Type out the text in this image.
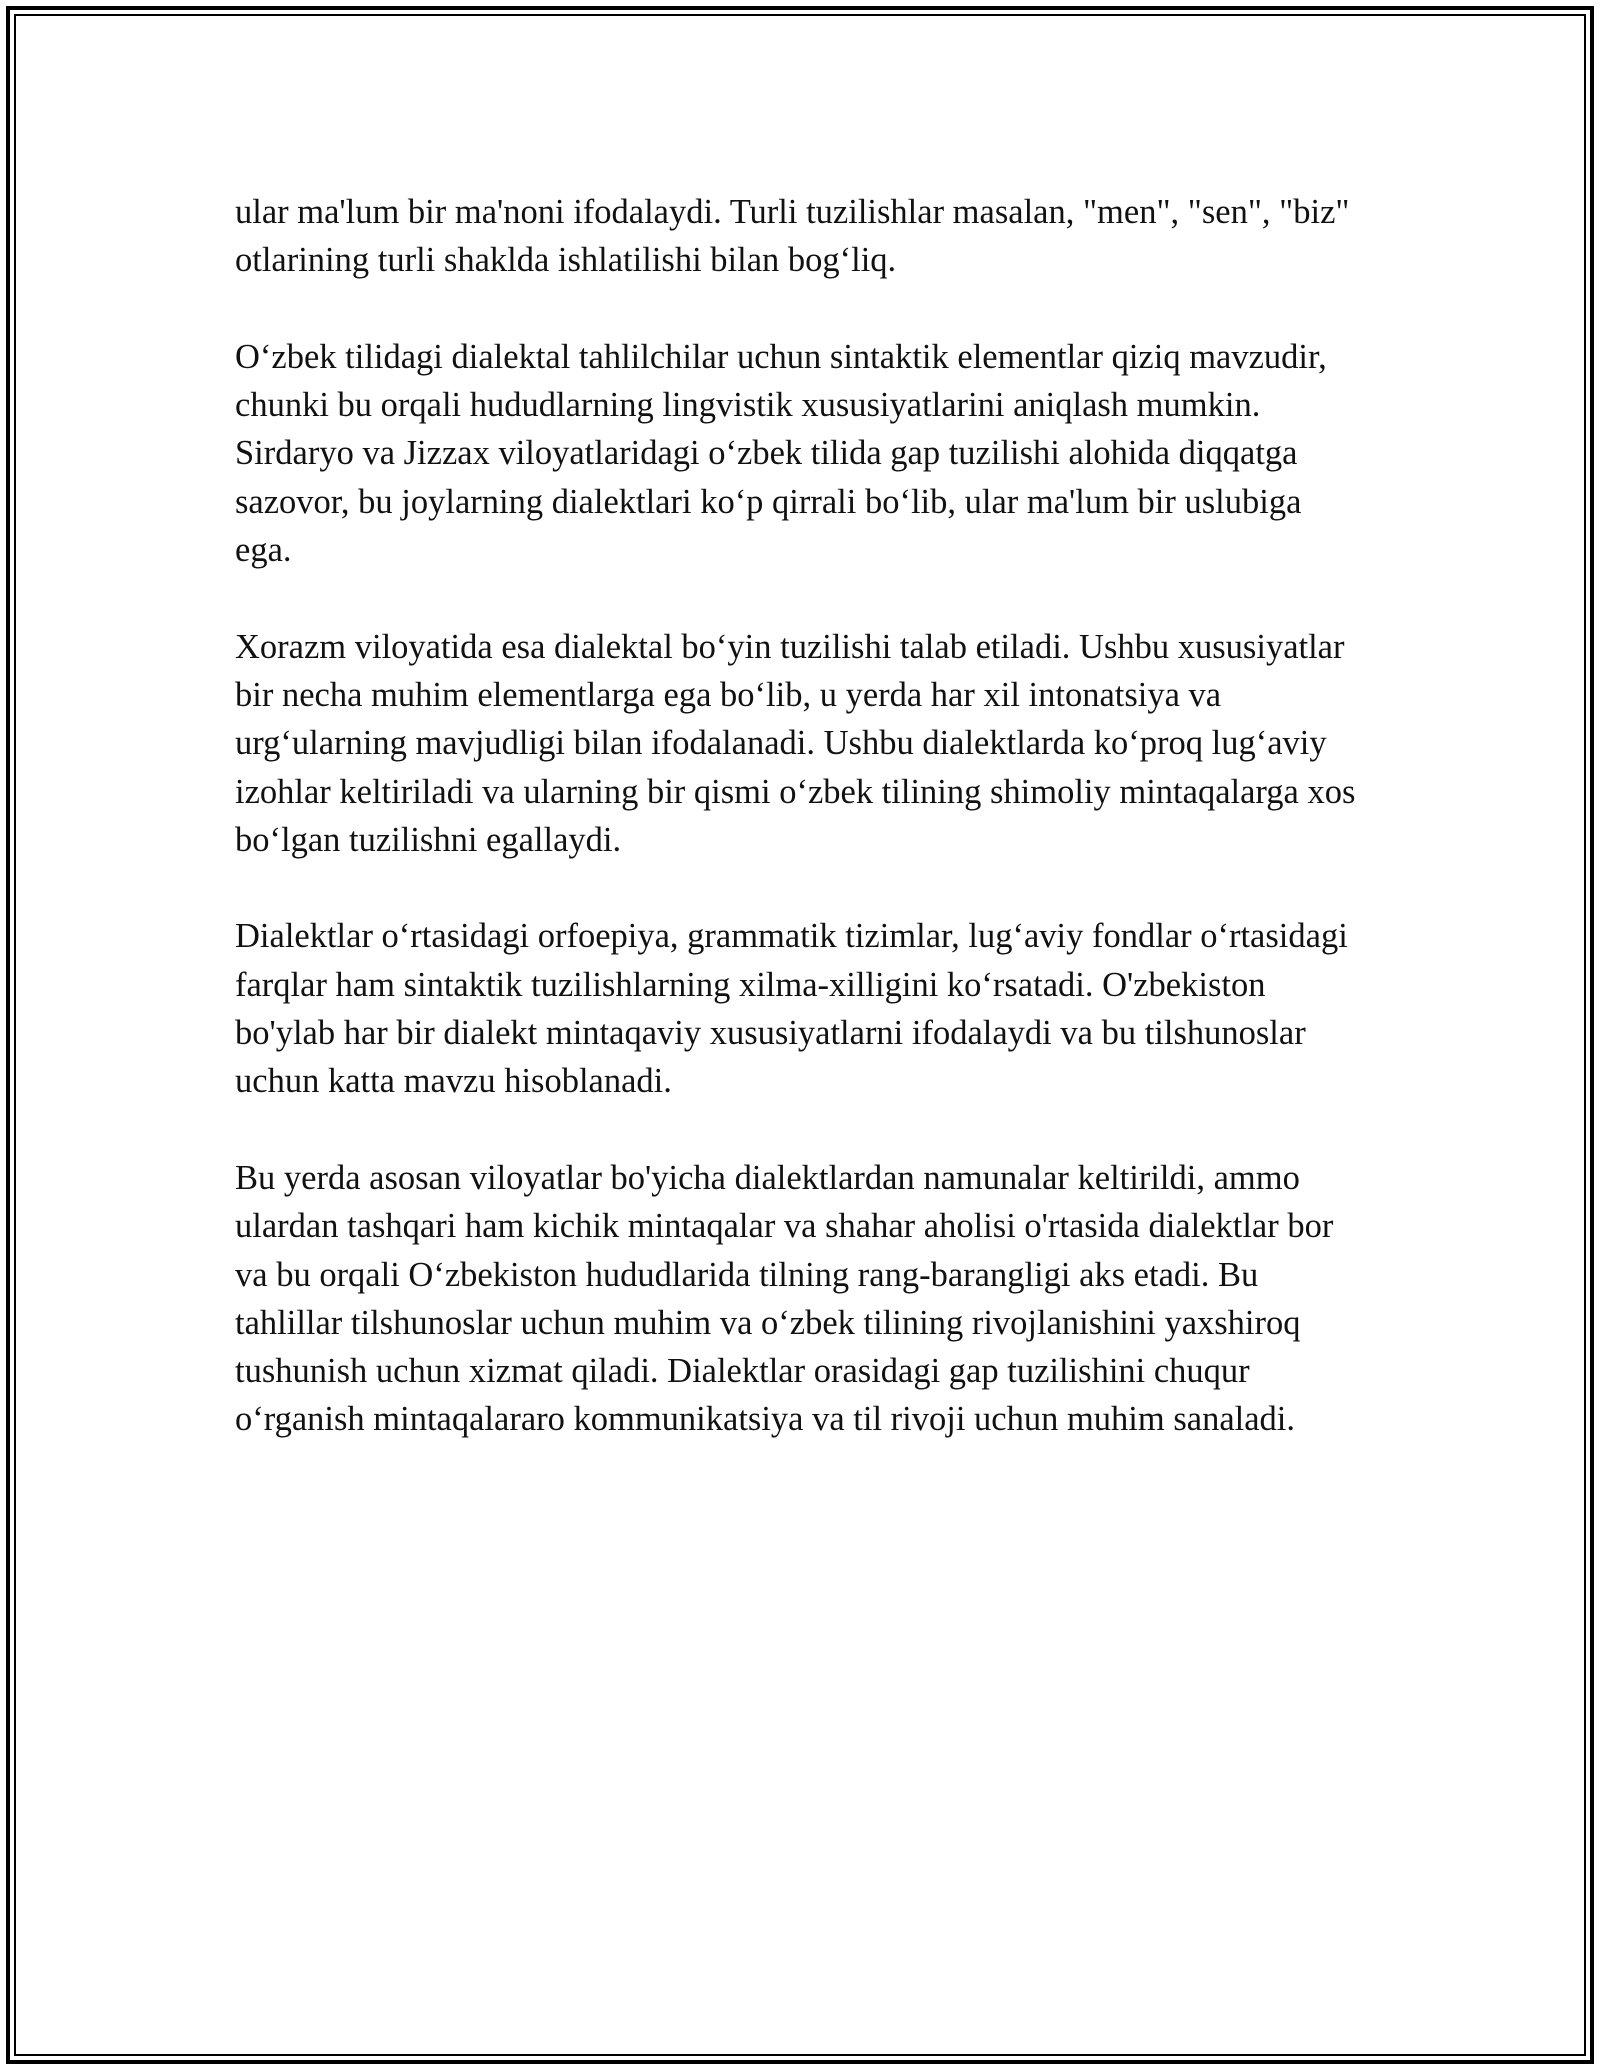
ular ma'lum bir ma'noni ifodalaydi. Turli tuzilishlar masalan, "men", "sen", "biz" otlarining turli shaklda ishlatilishi bilan bog‘liq.

O‘zbek tilidagi dialektal tahlilchilar uchun sintaktik elementlar qiziq mavzudir, chunki bu orqali hududlarning lingvistik xususiyatlarini aniqlash mumkin. Sirdaryo va Jizzax viloyatlaridagi o‘zbek tilida gap tuzilishi alohida diqqatga sazovor, bu joylarning dialektlari ko‘p qirrali bo‘lib, ular ma'lum bir uslubiga ega.

Xorazm viloyatida esa dialektal bo‘yin tuzilishi talab etiladi. Ushbu xususiyatlar bir necha muhim elementlarga ega bo‘lib, u yerda har xil intonatsiya va urg‘ularning mavjudligi bilan ifodalanadi. Ushbu dialektlarda ko‘proq lug‘aviy izohlar keltiriladi va ularning bir qismi o‘zbek tilining shimoliy mintaqalarga xos bo‘lgan tuzilishni egallaydi.

Dialektlar o‘rtasidagi orfoepiya, grammatik tizimlar, lug‘aviy fondlar o‘rtasidagi farqlar ham sintaktik tuzilishlarning xilma-xilligini ko‘rsatadi. O'zbekiston bo'ylab har bir dialekt mintaqaviy xususiyatlarni ifodalaydi va bu tilshunoslar uchun katta mavzu hisoblanadi.

Bu yerda asosan viloyatlar bo'yicha dialektlardan namunalar keltirildi, ammo ulardan tashqari ham kichik mintaqalar va shahar aholisi o'rtasida dialektlar bor va bu orqali O‘zbekiston hududlarida tilning rang-barangligi aks etadi. Bu tahlillar tilshunoslar uchun muhim va o‘zbek tilining rivojlanishini yaxshiroq tushunish uchun xizmat qiladi. Dialektlar orasidagi gap tuzilishini chuqur o‘rganish mintaqalararo kommunikatsiya va til rivoji uchun muhim sanaladi.
